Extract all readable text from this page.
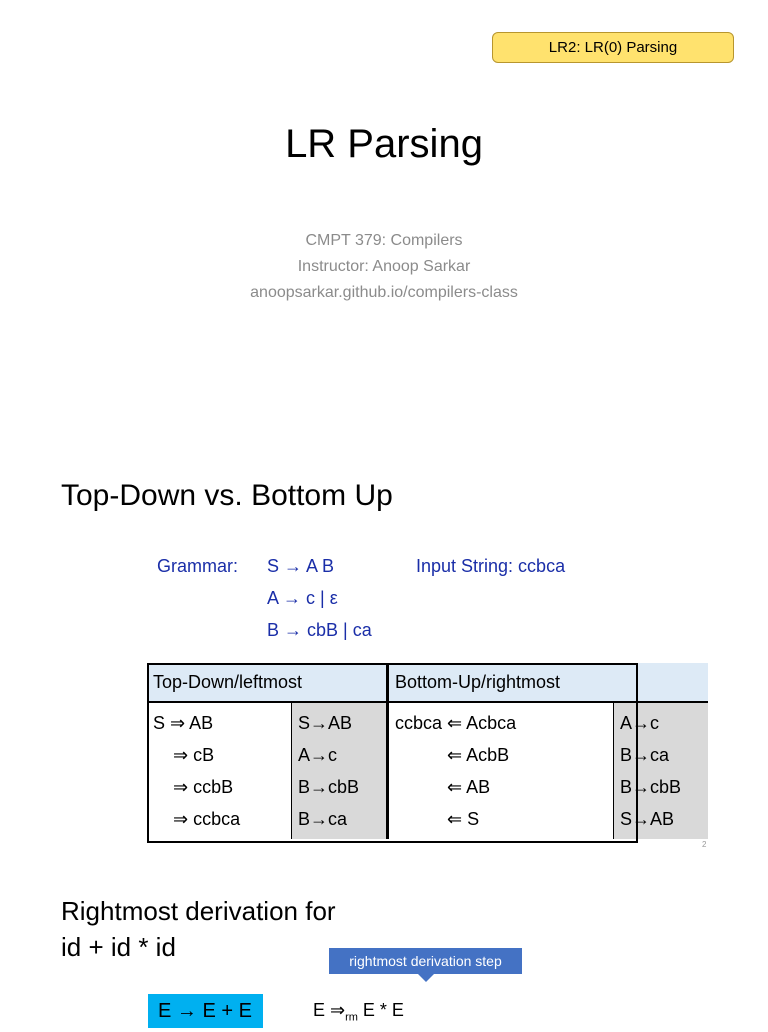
LR2: LR(0) Parsing
LR Parsing
CMPT 379: Compilers
Instructor: Anoop Sarkar
anoopsarkar.github.io/compilers-class
Top-Down vs. Bottom Up
Grammar: S → A B
A → c | ε
B → cbB | ca
Input String: ccbca
Top-Down/leftmost		Bottom-Up/rightmost	
S ⇒ AB	S→AB	ccbca ⇐ Acbca	A→c
⇒ cB	A→c	⇐ AcbB	B→ca
⇒ ccbB	B→cbB	⇐ AB	B→cbB
⇒ ccbca	B→ca	⇐ S	S→AB
2
Rightmost derivation for
id + id * id	rightmost derivation step
E → E + E	E $\Rightarrow_{rm}$ E * E
